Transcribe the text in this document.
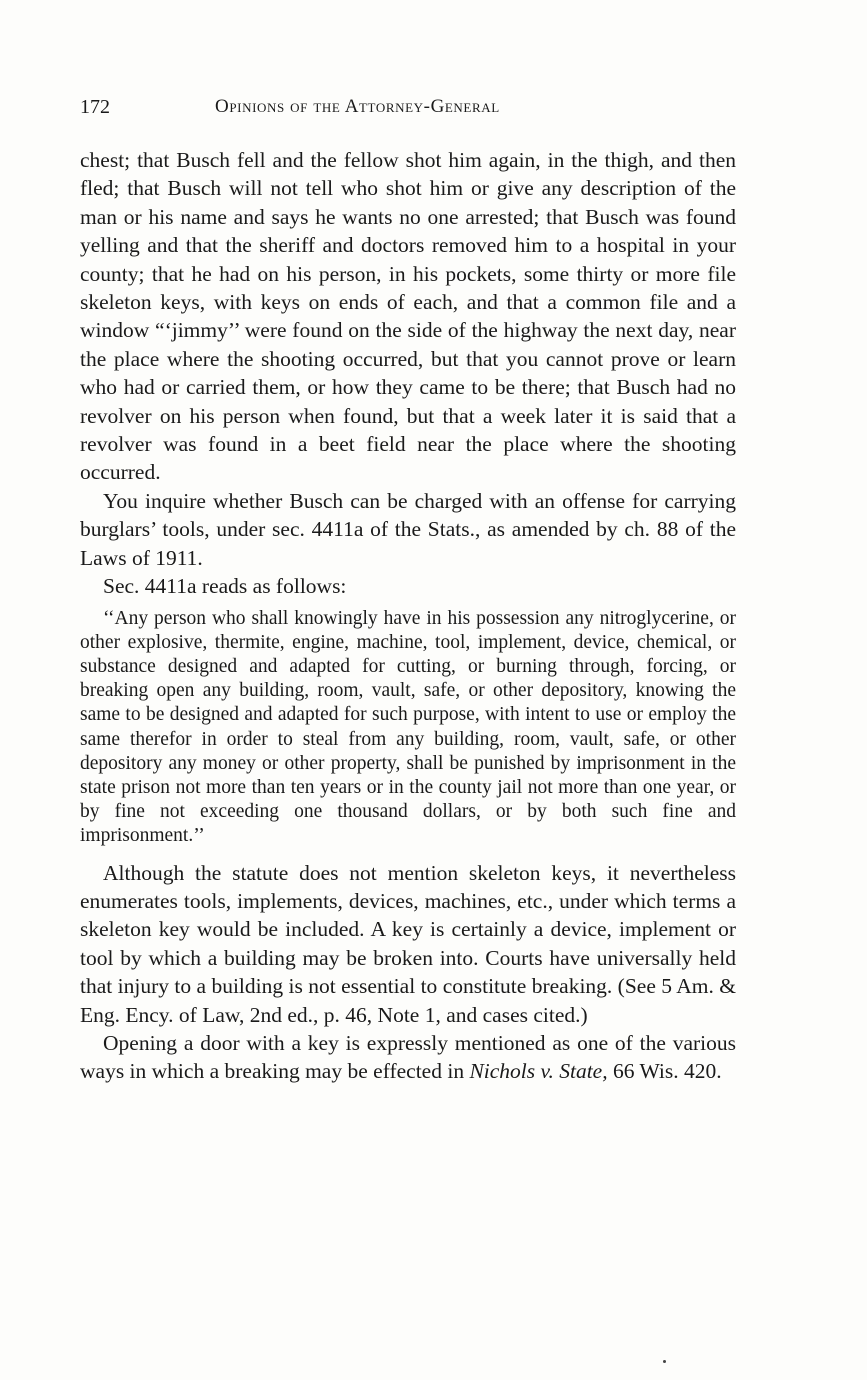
172	Opinions of the Attorney-General

chest; that Busch fell and the fellow shot him again, in the thigh, and then fled; that Busch will not tell who shot him or give any description of the man or his name and says he wants no one arrested; that Busch was found yelling and that the sheriff and doctors removed him to a hospital in your county; that he had on his person, in his pockets, some thirty or more file skeleton keys, with keys on ends of each, and that a common file and a window “‘jimmy’’ were found on the side of the highway the next day, near the place where the shooting occurred, but that you cannot prove or learn who had or carried them, or how they came to be there; that Busch had no revolver on his person when found, but that a week later it is said that a revolver was found in a beet field near the place where the shooting occurred.

You inquire whether Busch can be charged with an offense for carrying burglars’ tools, under sec. 4411a of the Stats., as amended by ch. 88 of the Laws of 1911.

Sec. 4411a reads as follows:

‘‘Any person who shall knowingly have in his possession any nitroglycerine, or other explosive, thermite, engine, machine, tool, implement, device, chemical, or substance designed and adapted for cutting, or burning through, forcing, or breaking open any building, room, vault, safe, or other depository, knowing the same to be designed and adapted for such purpose, with intent to use or employ the same therefor in order to steal from any building, room, vault, safe, or other depository any money or other property, shall be punished by imprisonment in the state prison not more than ten years or in the county jail not more than one year, or by fine not exceeding one thousand dollars, or by both such fine and imprisonment.’’

Although the statute does not mention skeleton keys, it nevertheless enumerates tools, implements, devices, machines, etc., under which terms a skeleton key would be included. A key is certainly a device, implement or tool by which a building may be broken into. Courts have universally held that injury to a building is not essential to constitute breaking. (See 5 Am. & Eng. Ency. of Law, 2nd ed., p. 46, Note 1, and cases cited.)

Opening a door with a key is expressly mentioned as one of the various ways in which a breaking may be effected in Nichols v. State, 66 Wis. 420.
